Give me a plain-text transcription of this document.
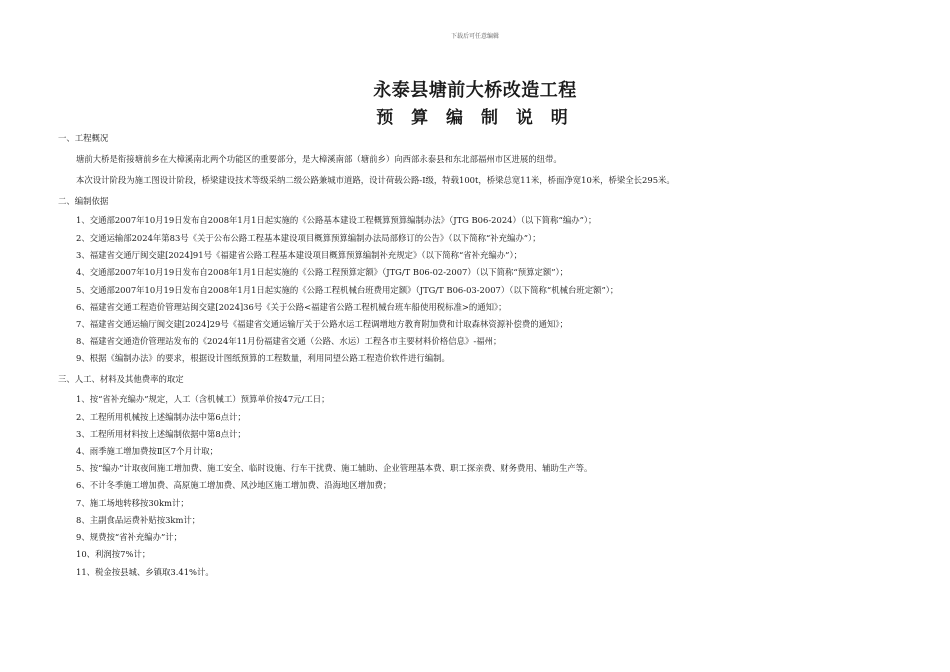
下载后可任意编辑
永泰县塘前大桥改造工程
预 算 编 制 说 明
一、工程概况
塘前大桥是衔接塘前乡在大樟溪南北两个功能区的重要部分，是大樟溪南部（塘前乡）向西部永泰县和东北部福州市区进展的纽带。
本次设计阶段为施工图设计阶段，桥梁建设技术等级采纳二级公路兼城市道路，设计荷载公路-Ⅰ级，特载100t，桥梁总宽11米，桥面净宽10米，桥梁全长295米。
二、编制依据
1、交通部2007年10月19日发布自2008年1月1日起实施的《公路基本建设工程概算预算编制办法》（JTG B06-2024）（以下简称“编办”）；
2、交通运输部2024年第83号《关于公布公路工程基本建设项目概算预算编制办法局部修订的公告》（以下简称“补充编办”）；
3、福建省交通厅闽交建[2024]91号《福建省公路工程基本建设项目概算预算编制补充规定》（以下简称“省补充编办”）；
4、交通部2007年10月19日发布自2008年1月1日起实施的《公路工程预算定额》（JTG/T B06-02-2007）（以下简称“预算定额”）；
5、交通部2007年10月19日发布自2008年1月1日起实施的《公路工程机械台班费用定额》（JTG/T B06-03-2007）（以下简称“机械台班定额”）；
6、福建省交通工程造价管理站闽交建[2024]36号《关于公路<福建省公路工程机械台班车船使用税标准>的通知》；
7、福建省交通运输厅闽交建[2024]29号《福建省交通运输厅关于公路水运工程调增地方教育附加费和计取森林资源补偿费的通知》；
8、福建省交通造价管理站发布的《2024年11月份福建省交通（公路、水运）工程各市主要材料价格信息》-福州；
9、根据《编制办法》的要求，根据设计图纸预算的工程数量，利用同望公路工程造价软件进行编制。
三、人工、材料及其他费率的取定
1、按“省补充编办”规定，人工（含机械工）预算单价按47元/工日；
2、工程所用机械按上述编制办法中第6点计；
3、工程所用材料按上述编制依据中第8点计；
4、雨季施工增加费按Ⅱ区7个月计取；
5、按“编办”计取夜间施工增加费、施工安全、临时设施、行车干扰费、施工辅助、企业管理基本费、职工探亲费、财务费用、辅助生产等。
6、不计冬季施工增加费、高原施工增加费、风沙地区施工增加费、沿海地区增加费；
7、施工场地转移按30km计；
8、主副食品运费补贴按3km计；
9、规费按“省补充编办”计；
10、利润按7%计；
11、税金按县城、乡镇取3.41%计。
